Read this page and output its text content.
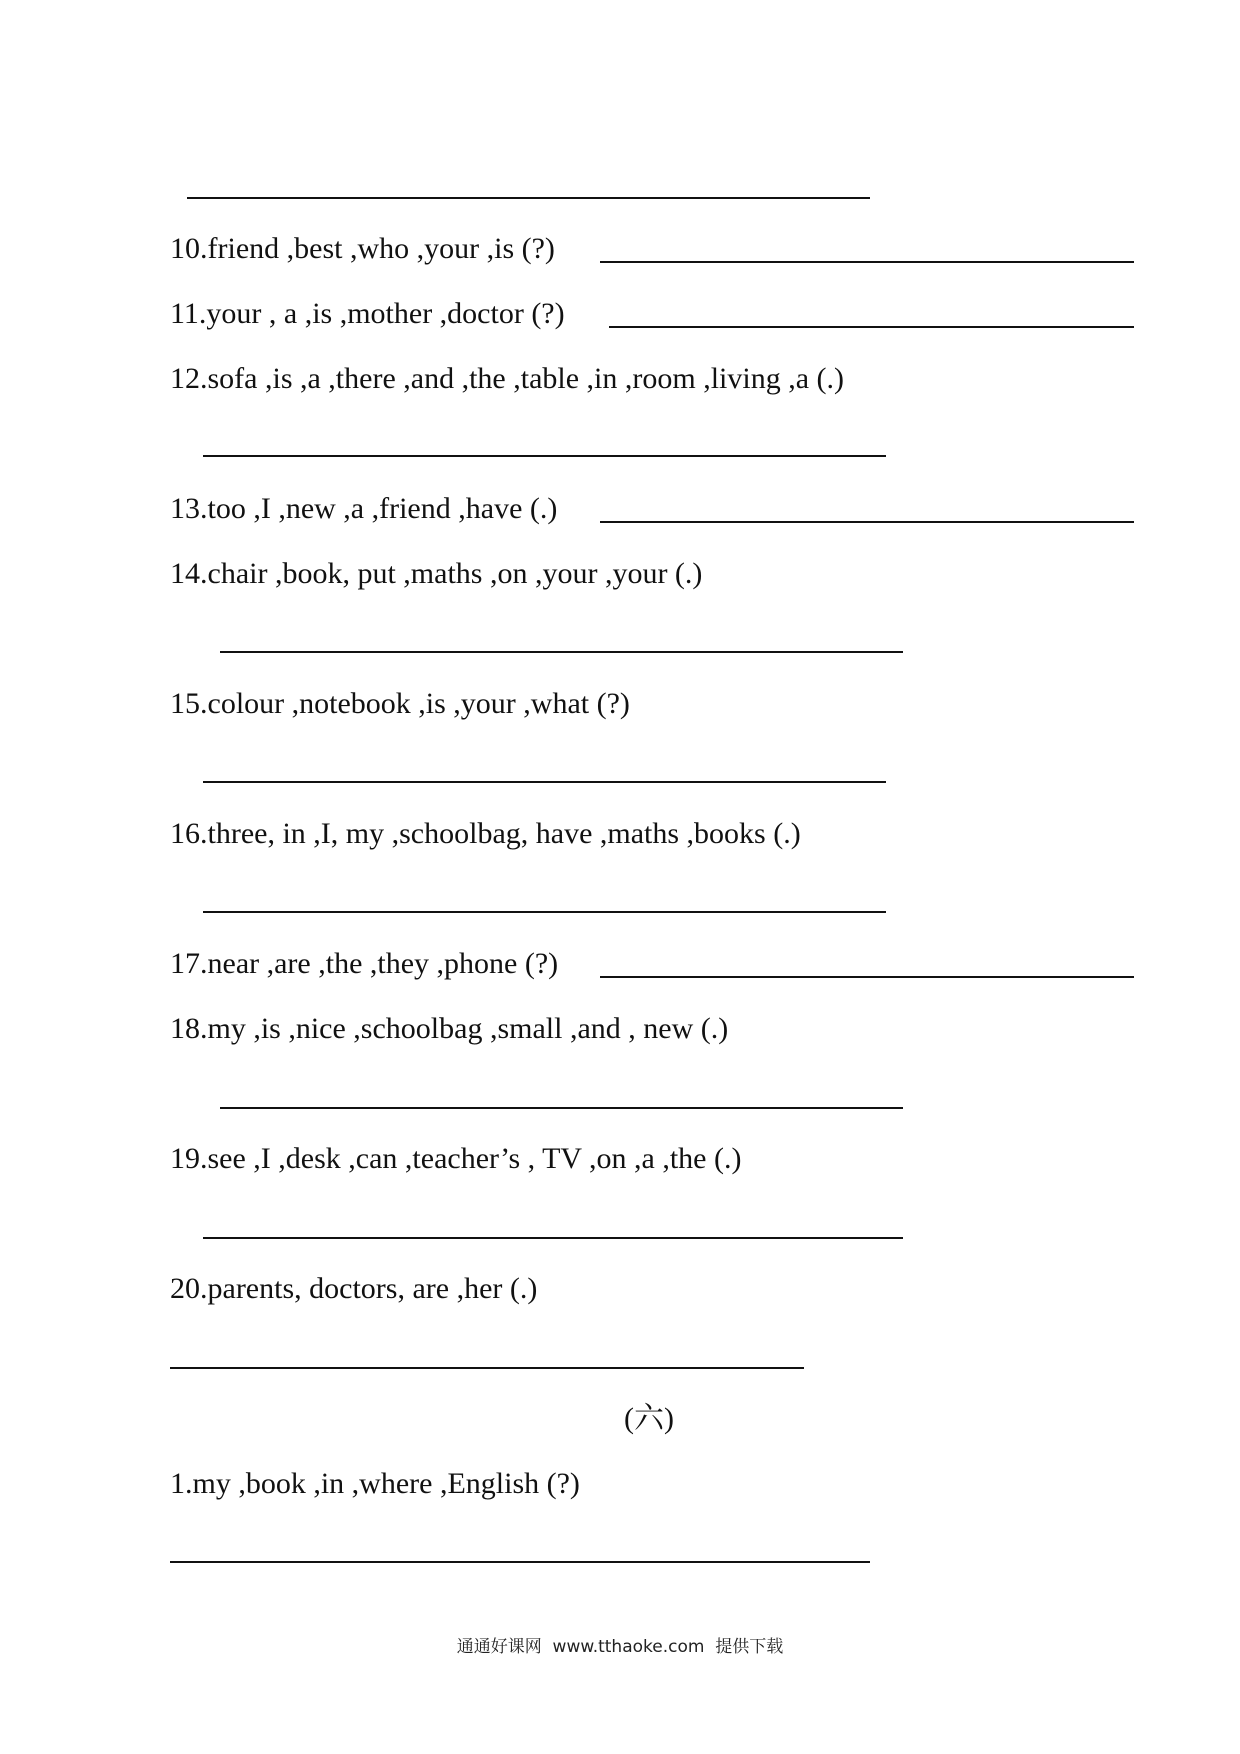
10.friend ,best ,who ,your ,is (?)
11.your , a ,is ,mother ,doctor (?)
12.sofa ,is ,a ,there ,and ,the ,table ,in ,room ,living ,a (.)
13.too ,I ,new ,a ,friend ,have (.)
14.chair ,book, put ,maths ,on ,your ,your (.)
15.colour ,notebook ,is ,your ,what (?)
16.three, in ,I, my ,schoolbag, have ,maths ,books (.)
17.near ,are ,the ,they ,phone (?)
18.my ,is ,nice ,schoolbag ,small ,and , new (.)
19.see ,I ,desk ,can ,teacher’s , TV ,on ,a ,the (.)
20.parents, doctors, are ,her (.)
(六)
1.my ,book ,in ,where ,English (?)
通通好课网  www.tthaoke.com  提供下载
